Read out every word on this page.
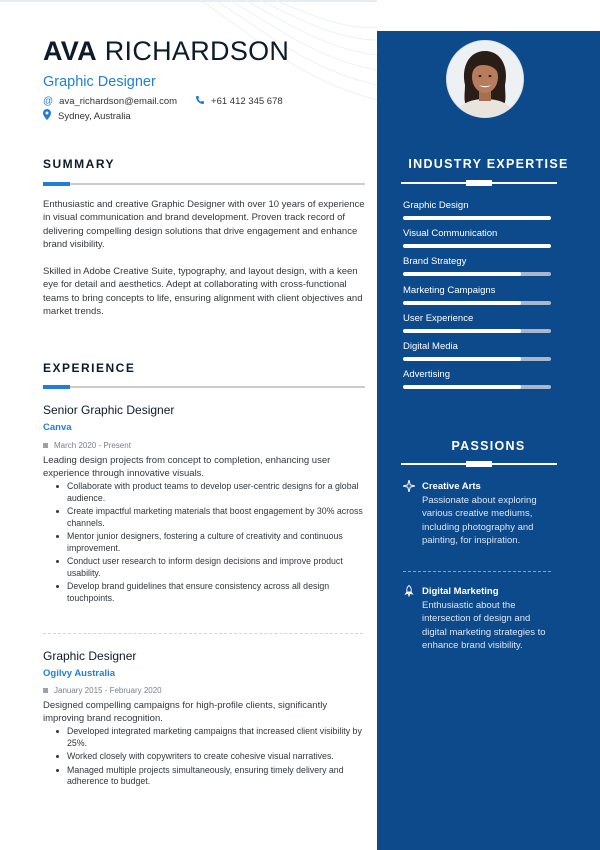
AVA RICHARDSON
Graphic Designer
@ ava_richardson@email.com	+61 412 345 678
Sydney, Australia
SUMMARY
Enthusiastic and creative Graphic Designer with over 10 years of experience in visual communication and brand development. Proven track record of delivering compelling design solutions that drive engagement and enhance brand visibility.
Skilled in Adobe Creative Suite, typography, and layout design, with a keen eye for detail and aesthetics. Adept at collaborating with cross-functional teams to bring concepts to life, ensuring alignment with client objectives and market trends.
EXPERIENCE
Senior Graphic Designer
Canva
March 2020 - Present
Leading design projects from concept to completion, enhancing user experience through innovative visuals.
Collaborate with product teams to develop user-centric designs for a global audience.
Create impactful marketing materials that boost engagement by 30% across channels.
Mentor junior designers, fostering a culture of creativity and continuous improvement.
Conduct user research to inform design decisions and improve product usability.
Develop brand guidelines that ensure consistency across all design touchpoints.
Graphic Designer
Ogilvy Australia
January 2015 - February 2020
Designed compelling campaigns for high-profile clients, significantly improving brand recognition.
Developed integrated marketing campaigns that increased client visibility by 25%.
Worked closely with copywriters to create cohesive visual narratives.
Managed multiple projects simultaneously, ensuring timely delivery and adherence to budget.
INDUSTRY EXPERTISE
Graphic Design
Visual Communication
Brand Strategy
Marketing Campaigns
User Experience
Digital Media
Advertising
PASSIONS
Creative Arts
Passionate about exploring various creative mediums, including photography and painting, for inspiration.
Digital Marketing
Enthusiastic about the intersection of design and digital marketing strategies to enhance brand visibility.
